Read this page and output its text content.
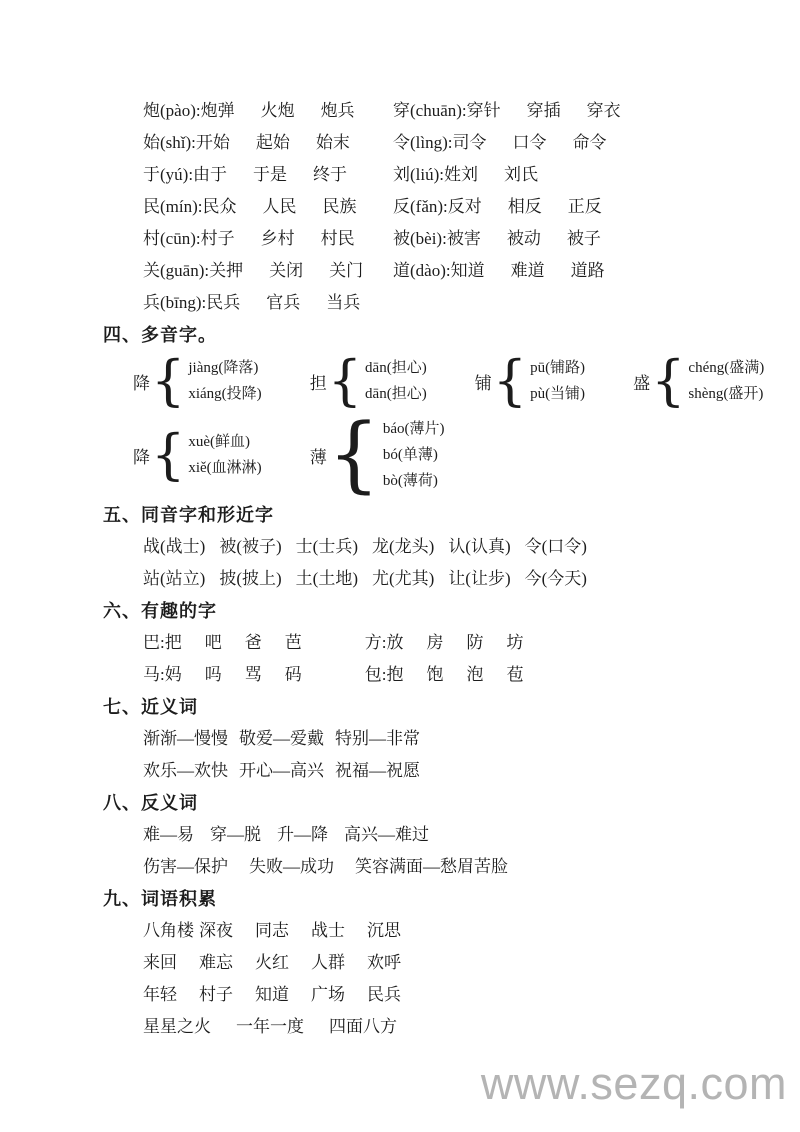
炮(pào): 炮弹 火炮 炮兵 穿(chuān): 穿针 穿插 穿衣
始(shǐ): 开始 起始 始末	令(lìng): 司令 口令 命令
于(yú): 由于 于是 终于	刘(liú): 姓刘 刘氏
民(mín): 民众 人民 民族 反(fǎn): 反对 相反 正反
村(cūn): 村子 乡村 村民 被(bèi): 被害 被动 被子
关(guān): 关押 关闭 关门 道(dào): 知道 难道 道路
兵(bīng): 民兵 官兵 当兵
四、多音字。
降 { jiàng(降落)
xiáng(投降)
担 { dān(担心)
dān(担心)
铺 { pū(铺路)
pù(当铺)
盛 { chéng(盛满)
shèng(盛开)
降 { xuè(鲜血)
xiě(血淋淋)
薄 { báo(薄片)
bó(单薄)
bò(薄荷)
五、同音字和形近字
战(战士) 被(被子) 士(士兵) 龙(龙头) 认(认真) 令(口令)
站(站立) 披(披上) 土(土地) 尤(尤其) 让(让步) 今(今天)
六、有趣的字
巴: 把 吧 爸 芭	方: 放 房 防 坊
马: 妈 吗 骂 码	包: 抱 饱 泡 苞
七、近义词
渐渐—慢慢 敬爱—爱戴 特别—非常
欢乐—欢快 开心—高兴 祝福—祝愿
八、反义词
难—易 穿—脱 升—降 高兴—难过
伤害—保护 失败—成功 笑容满面—愁眉苦脸
九、词语积累
八角楼 深夜	同志	战士	沉思
来回	难忘	火红	人群	欢呼
年轻	村子	知道	广场	民兵
星星之火	一年一度	四面八方
www.sezq.com
